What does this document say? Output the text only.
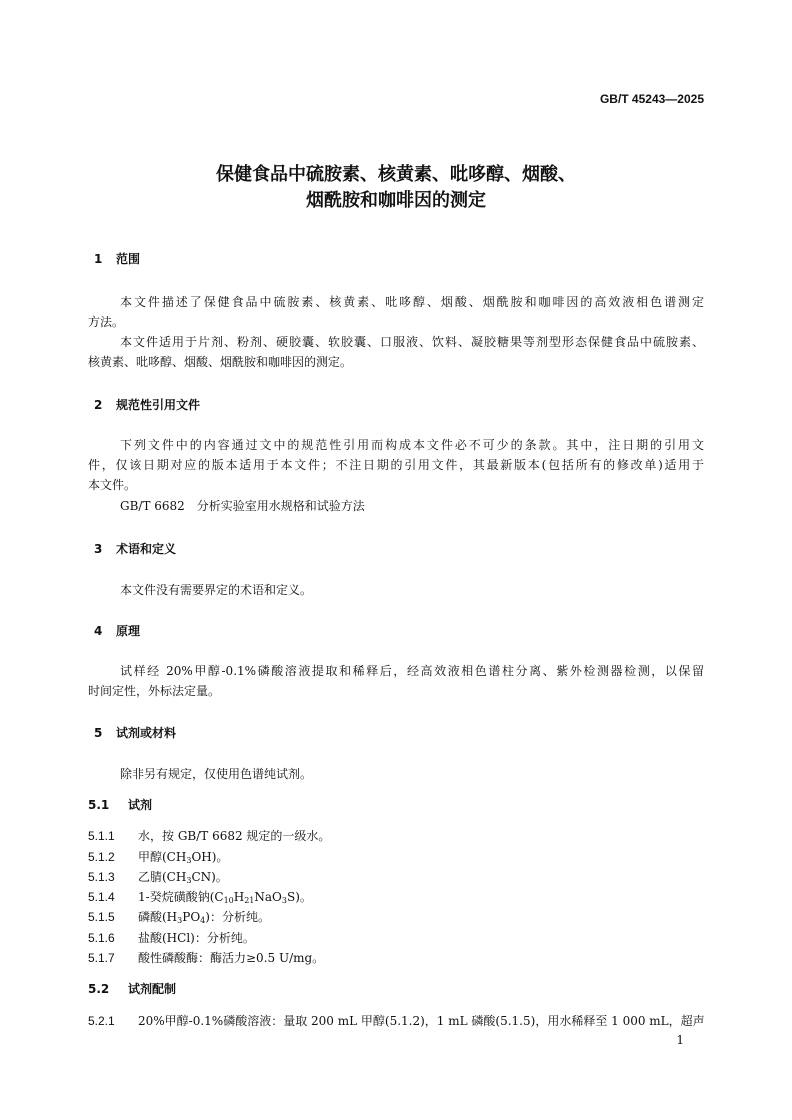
GB/T 45243—2025
保健食品中硫胺素、核黄素、吡哆醇、烟酸、
烟酰胺和咖啡因的测定
1 范围
本文件描述了保健食品中硫胺素、核黄素、吡哆醇、烟酸、烟酰胺和咖啡因的高效液相色谱测定
方法。
本文件适用于片剂、粉剂、硬胶囊、软胶囊、口服液、饮料、凝胶糖果等剂型形态保健食品中硫胺素、
核黄素、吡哆醇、烟酸、烟酰胺和咖啡因的测定。
2 规范性引用文件
下列文件中的内容通过文中的规范性引用而构成本文件必不可少的条款。其中，注日期的引用文
件，仅该日期对应的版本适用于本文件；不注日期的引用文件，其最新版本(包括所有的修改单)适用于
本文件。
GB/T 6682　分析实验室用水规格和试验方法
3 术语和定义
本文件没有需要界定的术语和定义。
4 原理
试样经 20%甲醇-0.1%磷酸溶液提取和稀释后，经高效液相色谱柱分离、紫外检测器检测，以保留
时间定性，外标法定量。
5 试剂或材料
除非另有规定，仅使用色谱纯试剂。
5.1 试剂
5.1.1 水，按 GB/T 6682 规定的一级水。
5.1.2 甲醇$(CH_3OH)$。
5.1.3 乙腈$(CH_3CN)$。
5.1.4 1-癸烷磺酸钠$(C_{10}H_{21}NaO_3S)$。
5.1.5 磷酸$(H_3PO_4)$：分析纯。
5.1.6 盐酸(HCl)：分析纯。
5.1.7 酸性磷酸酶：酶活力≥0.5 U/mg。
5.2 试剂配制
5.2.1 20%甲醇-0.1%磷酸溶液：量取 200 mL 甲醇(5.1.2)，1 mL 磷酸(5.1.5)，用水稀释至 1 000 mL，超声
1
